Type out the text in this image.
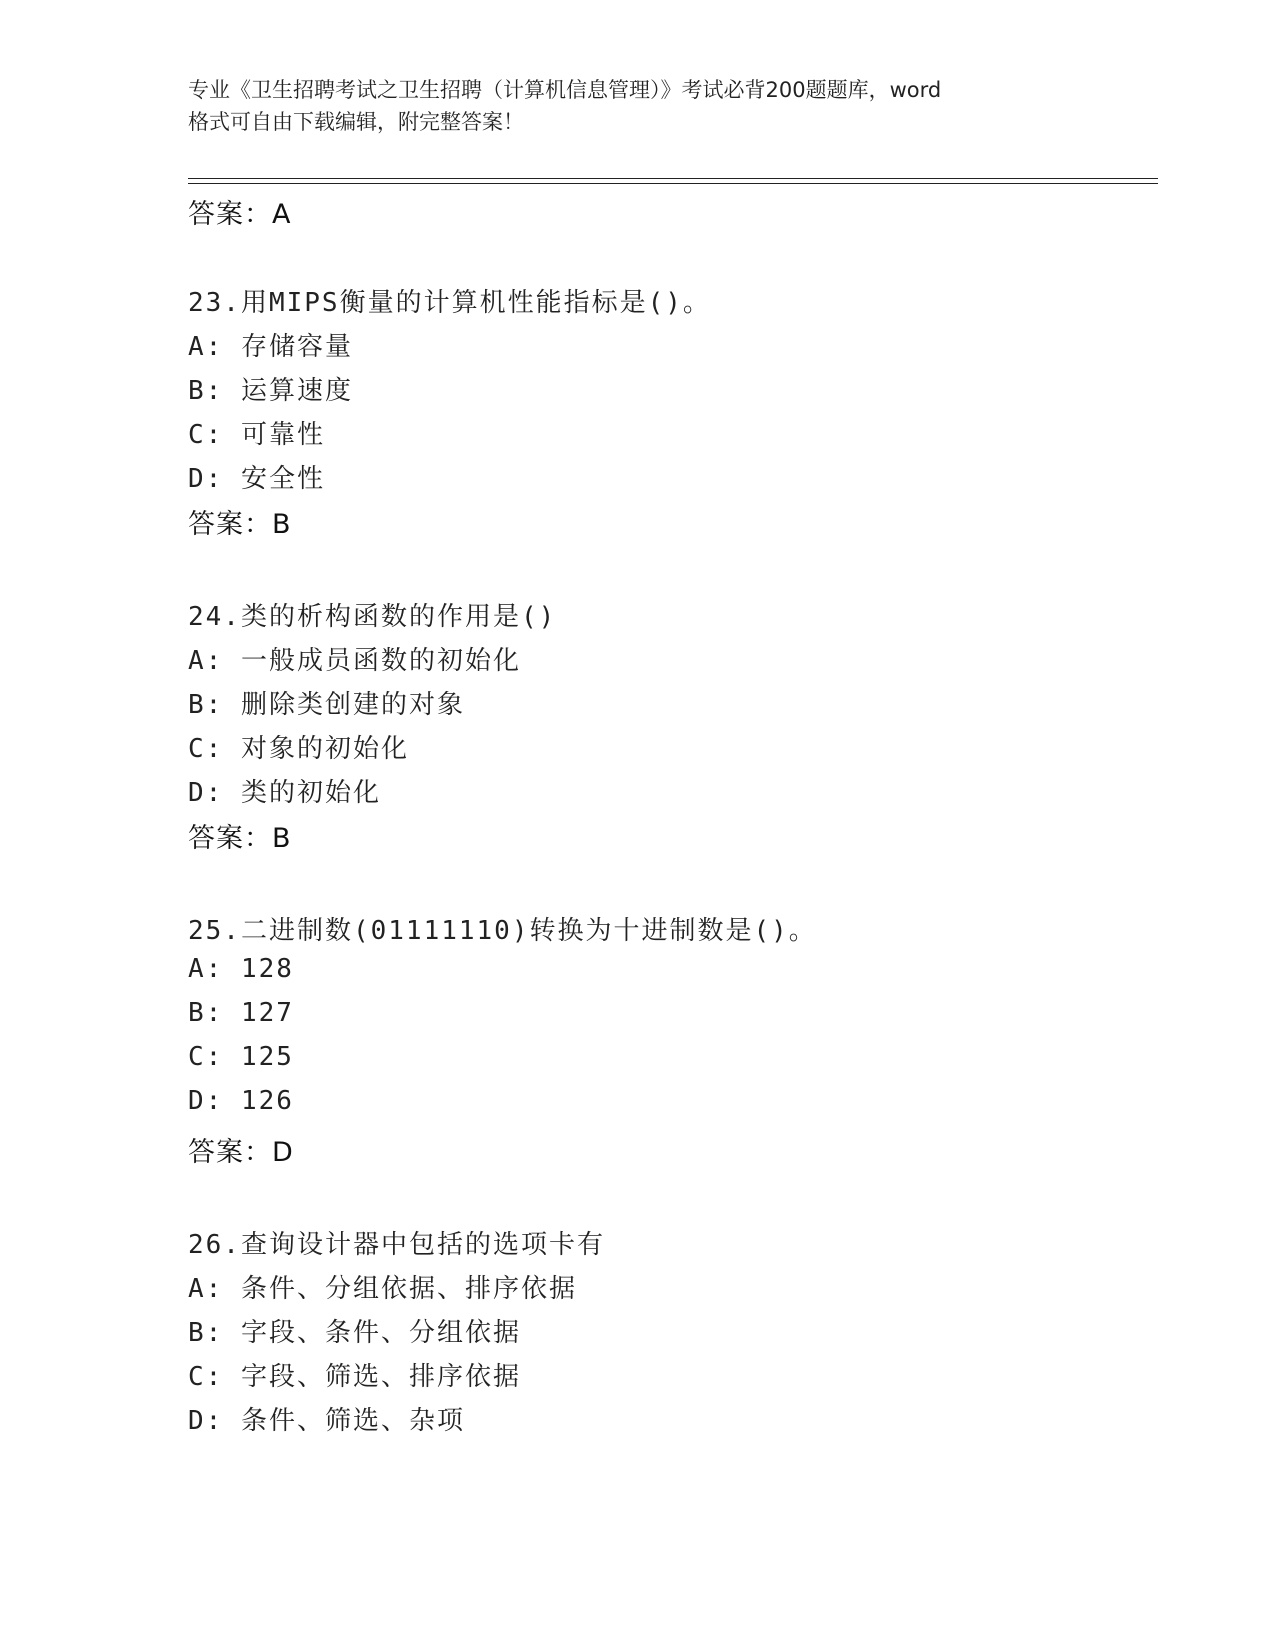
专业《卫生招聘考试之卫生招聘（计算机信息管理）》考试必背200题题库，word
格式可自由下载编辑，附完整答案！
答案：A
23.用MIPS衡量的计算机性能指标是()。
A: 存储容量
B: 运算速度
C: 可靠性
D: 安全性
答案：B
24.类的析构函数的作用是()
A: 一般成员函数的初始化
B: 删除类创建的对象
C: 对象的初始化
D: 类的初始化
答案：B
25.二进制数(01111110)转换为十进制数是()。
A: 128
B: 127
C: 125
D: 126
答案：D
26.查询设计器中包括的选项卡有
A: 条件、分组依据、排序依据
B: 字段、条件、分组依据
C: 字段、筛选、排序依据
D: 条件、筛选、杂项
